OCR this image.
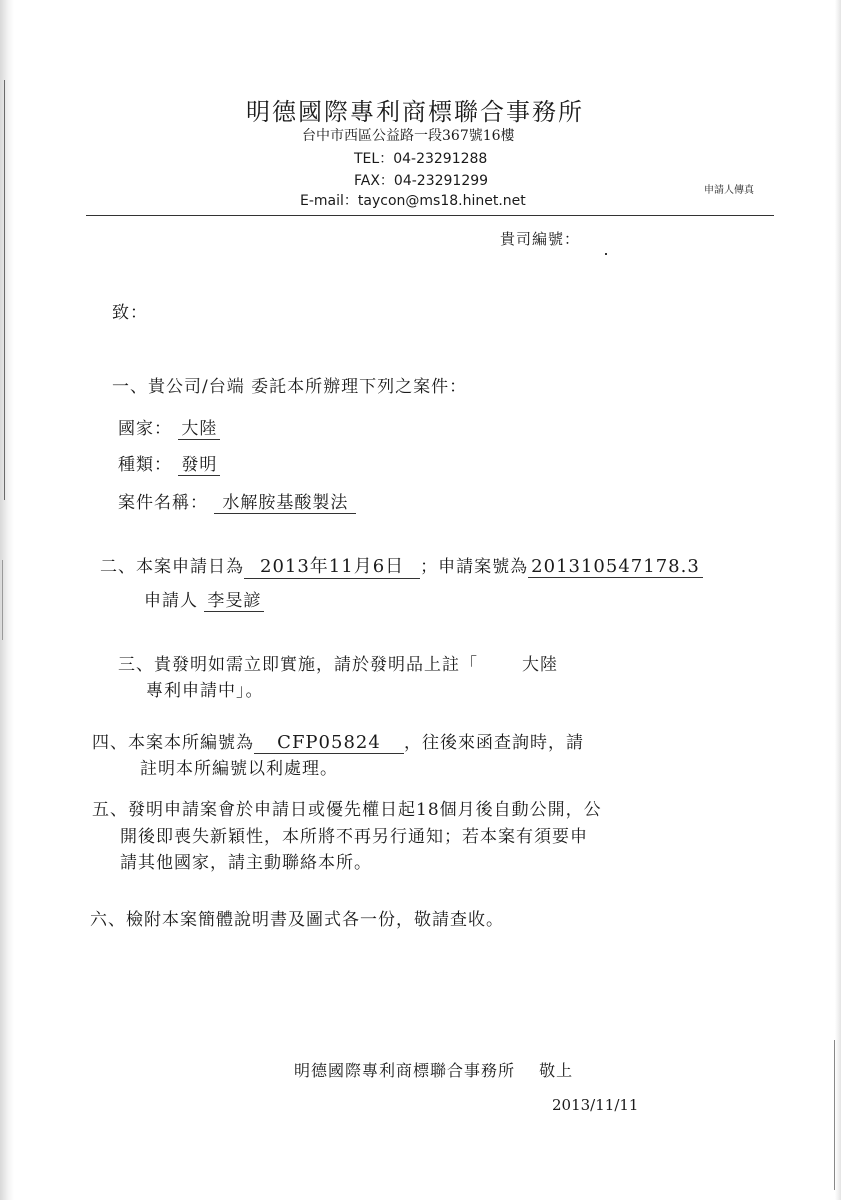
明德國際專利商標聯合事務所
台中市西區公益路一段367號16樓
TEL：04-23291288
FAX：04-23291299
E-mail：taycon@ms18.hinet.net
申請人傳真
貴司編號：
致：
一、貴公司/台端 委託本所辦理下列之案件：
國家： 大陸
種類： 發明
案件名稱： 水解胺基酸製法
二、本案申請日為 2013年11月6日 ；申請案號為 201310547178.3
申請人 李旻諺
三、貴發明如需立即實施，請於發明品上註「	大陸
專利申請中」。
四、本案本所編號為 CFP05824 ，往後來函查詢時，請
註明本所編號以利處理。
五、發明申請案會於申請日或優先權日起18個月後自動公開，公
開後即喪失新穎性，本所將不再另行通知；若本案有須要申
請其他國家，請主動聯絡本所。
六、檢附本案簡體說明書及圖式各一份，敬請查收。
明德國際專利商標聯合事務所 敬上
2013/11/11
